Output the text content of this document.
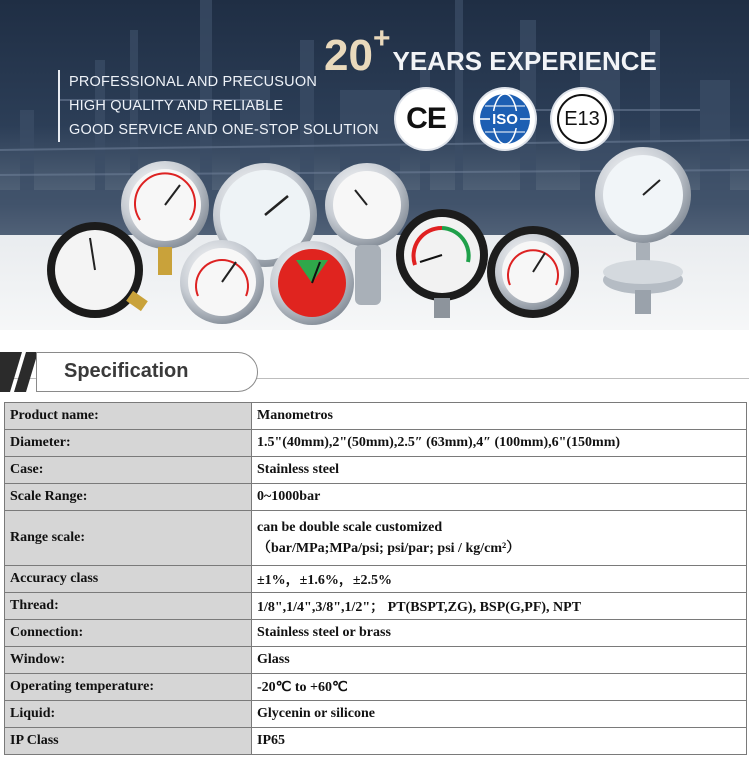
PROFESSIONAL AND PRECUSUON
HIGH QUALITY AND RELIABLE
GOOD SERVICE AND ONE-STOP SOLUTION
20+YEARS EXPERIENCE
CE	ISO	E13
Specification
Product name:	Manometros
Diameter:	1.5"(40mm),2"(50mm),2.5″ (63mm),4″ (100mm),6"(150mm)
Case:	Stainless steel
Scale Range:	0~1000bar
Range scale:	can be double scale customized
（bar/MPa;MPa/psi; psi/par; psi / kg/cm²）

Accuracy class	±1%，±1.6%，±2.5%
Thread:	1/8",1/4",3/8",1/2"； PT(BSPT,ZG), BSP(G,PF), NPT
Connection:	Stainless steel or brass
Window:	Glass
Operating temperature:	-20℃ to +60℃
Liquid:	Glycenin or silicone
IP Class	IP65
